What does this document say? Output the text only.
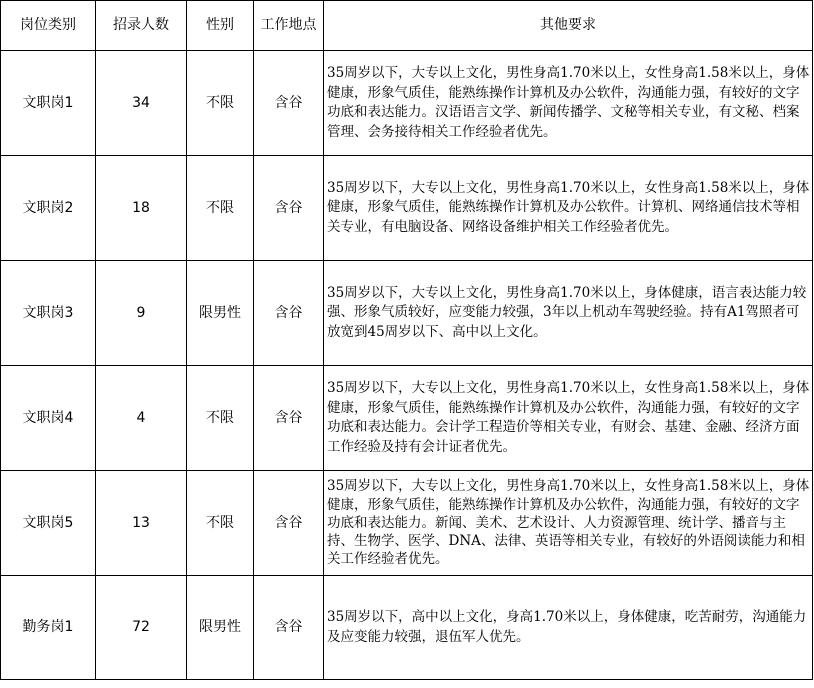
岗位类别	招录人数	性别	工作地点	其他要求
文职岗1	34	不限	含谷	35周岁以下，大专以上文化，男性身高1.70米以上，女性身高1.58米以上，身体健康，形象气质佳，能熟练操作计算机及办公软件，沟通能力强，有较好的文字功底和表达能力。汉语语言文学、新闻传播学、文秘等相关专业，有文秘、档案管理、会务接待相关工作经验者优先。
文职岗2	18	不限	含谷	35周岁以下，大专以上文化，男性身高1.70米以上，女性身高1.58米以上，身体健康，形象气质佳，能熟练操作计算机及办公软件。计算机、网络通信技术等相关专业，有电脑设备、网络设备维护相关工作经验者优先。
文职岗3	9	限男性	含谷	35周岁以下，大专以上文化，男性身高1.70米以上，身体健康，语言表达能力较强、形象气质较好，应变能力较强，3年以上机动车驾驶经验。持有A1驾照者可放宽到45周岁以下、高中以上文化。
文职岗4	4	不限	含谷	35周岁以下，大专以上文化，男性身高1.70米以上，女性身高1.58米以上，身体健康，形象气质佳，能熟练操作计算机及办公软件，沟通能力强，有较好的文字功底和表达能力。会计学工程造价等相关专业，有财会、基建、金融、经济方面工作经验及持有会计证者优先。
文职岗5	13	不限	含谷	35周岁以下，大专以上文化，男性身高1.70米以上，女性身高1.58米以上，身体健康，形象气质佳，能熟练操作计算机及办公软件，沟通能力强，有较好的文字功底和表达能力。新闻、美术、艺术设计、人力资源管理、统计学、播音与主持、生物学、医学、DNA、法律、英语等相关专业，有较好的外语阅读能力和相关工作经验者优先。
勤务岗1	72	限男性	含谷	35周岁以下，高中以上文化，身高1.70米以上，身体健康，吃苦耐劳，沟通能力及应变能力较强，退伍军人优先。
